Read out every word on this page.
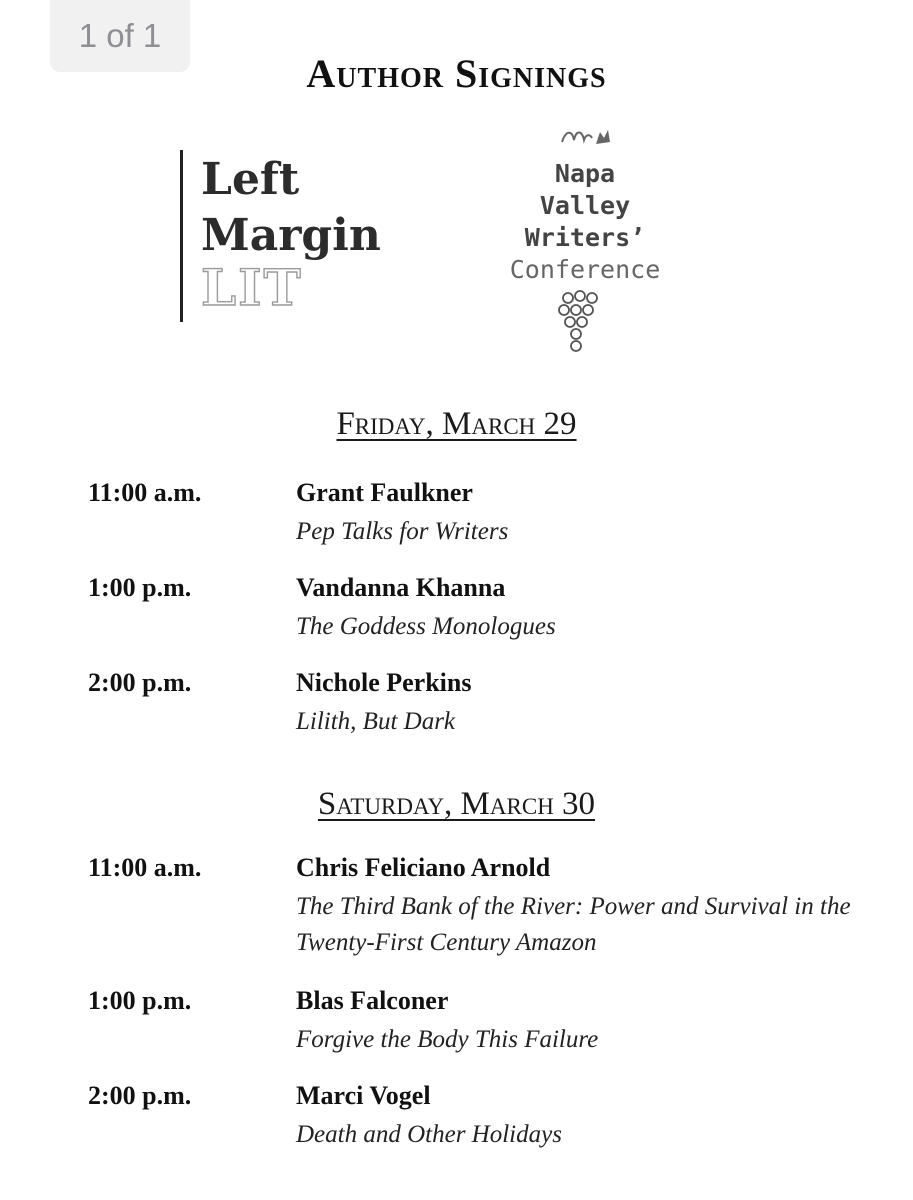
1 of 1
Author Signings
Left
Margin
LIT
Napa
Valley
Writers’
Conference
Friday, March 29
11:00 a.m.	Grant Faulkner
Pep Talks for Writers
1:00 p.m.	Vandanna Khanna
The Goddess Monologues
2:00 p.m.	Nichole Perkins
Lilith, But Dark
Saturday, March 30
11:00 a.m.	Chris Feliciano Arnold
The Third Bank of the River: Power and Survival in the Twenty-First Century Amazon
1:00 p.m.	Blas Falconer
Forgive the Body This Failure
2:00 p.m.	Marci Vogel
Death and Other Holidays
